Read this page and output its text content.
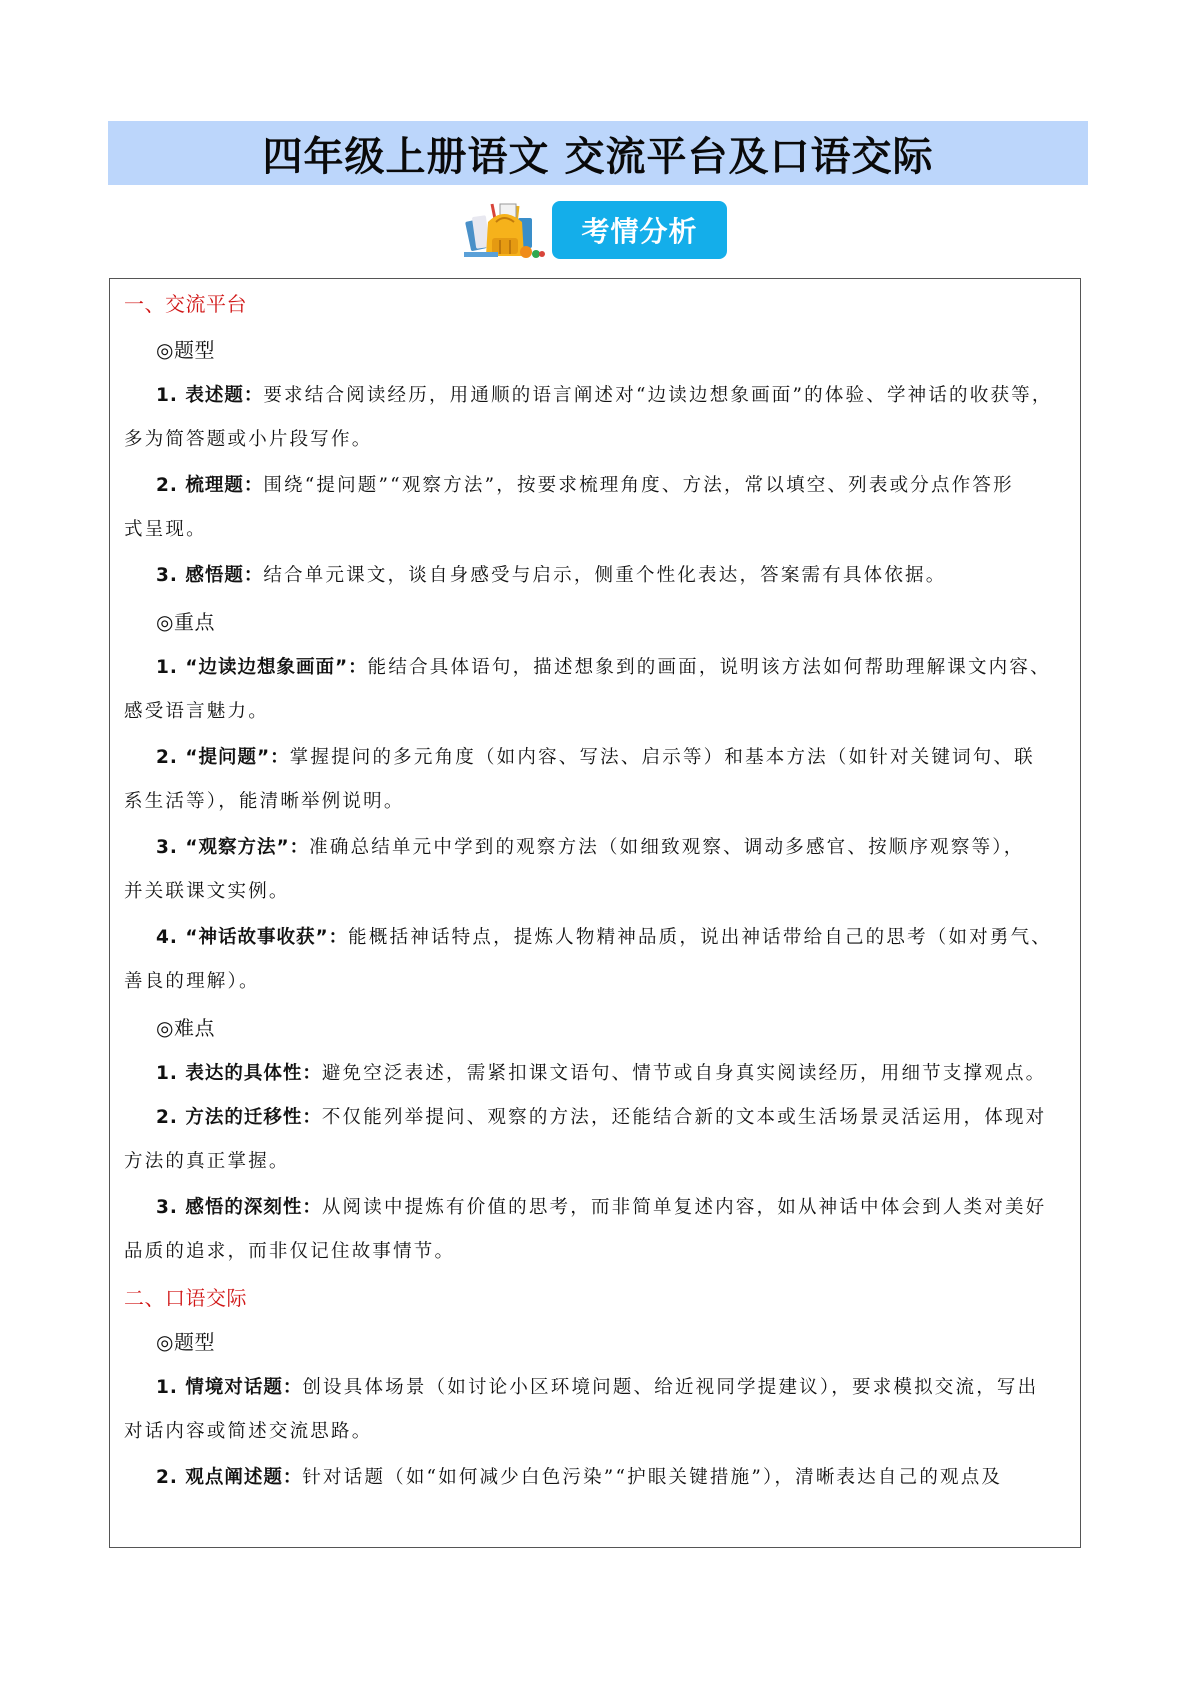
四年级上册语文 交流平台及口语交际
考情分析
一、交流平台
◎题型
1. 表述题：要求结合阅读经历，用通顺的语言阐述对“边读边想象画面”的体验、学神话的收获等，
多为简答题或小片段写作。
2. 梳理题：围绕“提问题”“观察方法”，按要求梳理角度、方法，常以填空、列表或分点作答形
式呈现。
3. 感悟题：结合单元课文，谈自身感受与启示，侧重个性化表达，答案需有具体依据。
◎重点
1. “边读边想象画面”：能结合具体语句，描述想象到的画面，说明该方法如何帮助理解课文内容、
感受语言魅力。
2. “提问题”：掌握提问的多元角度（如内容、写法、启示等）和基本方法（如针对关键词句、联
系生活等），能清晰举例说明。
3. “观察方法”：准确总结单元中学到的观察方法（如细致观察、调动多感官、按顺序观察等），
并关联课文实例。
4. “神话故事收获”：能概括神话特点，提炼人物精神品质，说出神话带给自己的思考（如对勇气、
善良的理解）。
◎难点
1. 表达的具体性：避免空泛表述，需紧扣课文语句、情节或自身真实阅读经历，用细节支撑观点。
2. 方法的迁移性：不仅能列举提问、观察的方法，还能结合新的文本或生活场景灵活运用，体现对
方法的真正掌握。
3. 感悟的深刻性：从阅读中提炼有价值的思考，而非简单复述内容，如从神话中体会到人类对美好
品质的追求，而非仅记住故事情节。
二、口语交际
◎题型
1. 情境对话题：创设具体场景（如讨论小区环境问题、给近视同学提建议），要求模拟交流，写出
对话内容或简述交流思路。
2. 观点阐述题：针对话题（如“如何减少白色污染”“护眼关键措施”），清晰表达自己的观点及
